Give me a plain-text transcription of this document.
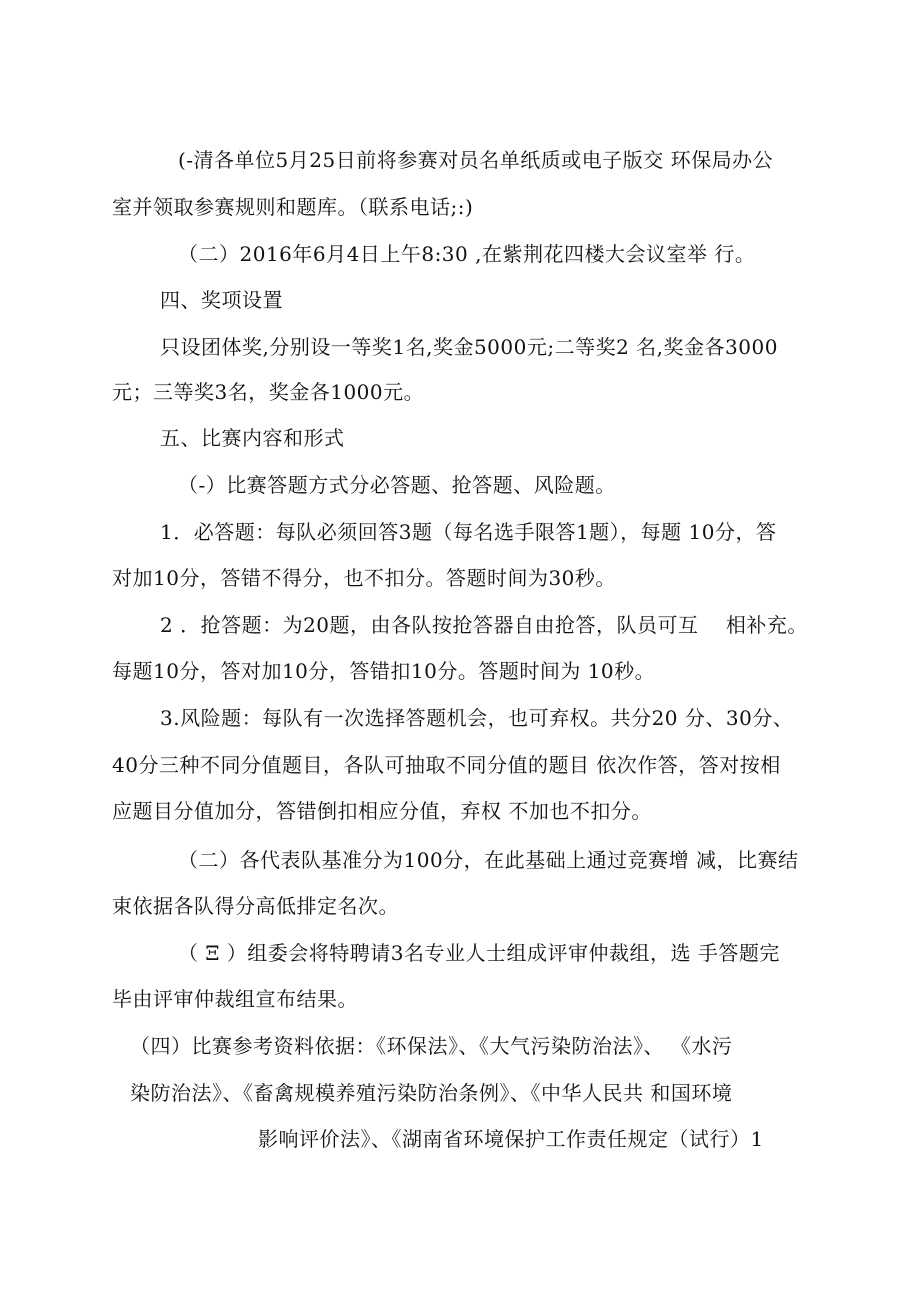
(-清各单位5月25日前将参赛对员名单纸质或电子版交 环保局办公
室并领取参赛规则和题库。（联系电话;:)
（二）2016年6月4日上午8:30 ,在紫荆花四楼大会议室举 行。
四、奖项设置
只设团体奖,分别设一等奖1名,奖金5000元;二等奖2 名,奖金各3000
元；三等奖3名，奖金各1000元。
五、比赛内容和形式
（-）比赛答题方式分必答题、抢答题、风险题。
1．必答题：每队必须回答3题（每名选手限答1题），每题 10分，答
对加10分，答错不得分，也不扣分。答题时间为30秒。
2 ．抢答题：为20题，由各队按抢答器自由抢答，队员可互 　相补充。
每题10分，答对加10分，答错扣10分。答题时间为 10秒。
3.风险题：每队有一次选择答题机会，也可弃权。共分20 分、30分、
40分三种不同分值题目，各队可抽取不同分值的题目 依次作答，答对按相
应题目分值加分，答错倒扣相应分值，弃权 不加也不扣分。
（二）各代表队基准分为100分，在此基础上通过竞赛增 减，比赛结
束依据各队得分高低排定名次。
（ Ξ ）组委会将特聘请3名专业人士组成评审仲裁组，选 手答题完
毕由评审仲裁组宣布结果。
（四）比赛参考资料依据：《环保法》、《大气污染防治法》、 《水污
染防治法》、《畜禽规模养殖污染防治条例》、《中华人民共 和国环境
影响评价法》、《湖南省环境保护工作责任规定（试行）1
